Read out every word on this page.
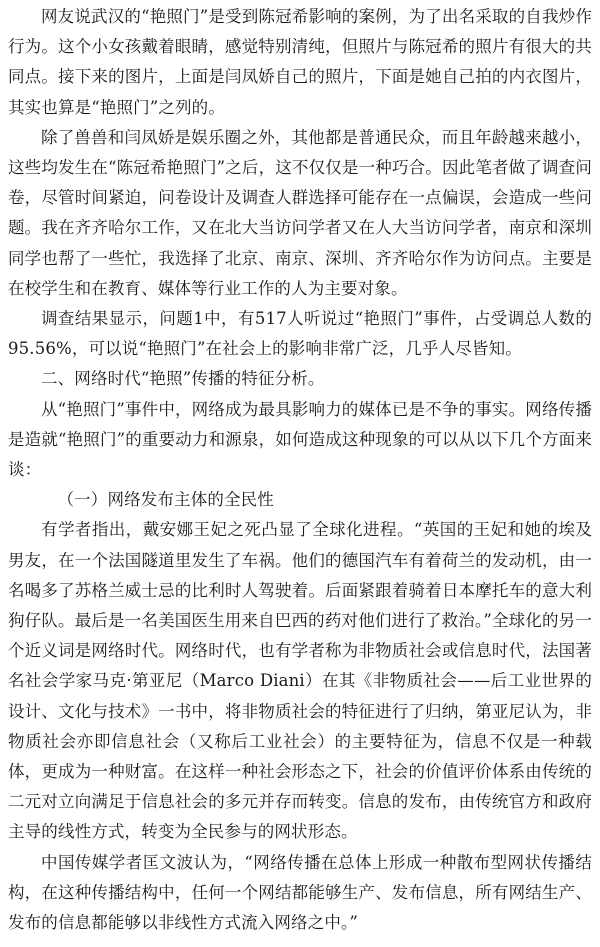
网友说武汉的“艳照门”是受到陈冠希影响的案例，为了出名采取的自我炒作行为。这个小女孩戴着眼睛，感觉特别清纯，但照片与陈冠希的照片有很大的共同点。接下来的图片，上面是闫凤娇自己的照片，下面是她自己拍的内衣图片，其实也算是“艳照门”之列的。

除了兽兽和闫凤娇是娱乐圈之外，其他都是普通民众，而且年龄越来越小，这些均发生在“陈冠希艳照门”之后，这不仅仅是一种巧合。因此笔者做了调查问卷，尽管时间紧迫，问卷设计及调查人群选择可能存在一点偏误，会造成一些问题。我在齐齐哈尔工作，又在北大当访问学者又在人大当访问学者，南京和深圳同学也帮了一些忙，我选择了北京、南京、深圳、齐齐哈尔作为访问点。主要是在校学生和在教育、媒体等行业工作的人为主要对象。

调查结果显示，问题1中，有517人听说过“艳照门”事件，占受调总人数的95.56%，可以说“艳照门”在社会上的影响非常广泛，几乎人尽皆知。

二、网络时代“艳照”传播的特征分析。

从“艳照门”事件中，网络成为最具影响力的媒体已是不争的事实。网络传播是造就“艳照门”的重要动力和源泉，如何造成这种现象的可以从以下几个方面来谈：

（一）网络发布主体的全民性

有学者指出，戴安娜王妃之死凸显了全球化进程。“英国的王妃和她的埃及男友，在一个法国隧道里发生了车祸。他们的德国汽车有着荷兰的发动机，由一名喝多了苏格兰威士忌的比利时人驾驶着。后面紧跟着骑着日本摩托车的意大利狗仔队。最后是一名美国医生用来自巴西的药对他们进行了救治。”全球化的另一个近义词是网络时代。网络时代，也有学者称为非物质社会或信息时代，法国著名社会学家马克·第亚尼（Marco Diani）在其《非物质社会——后工业世界的设计、文化与技术》一书中，将非物质社会的特征进行了归纳，第亚尼认为，非物质社会亦即信息社会（又称后工业社会）的主要特征为，信息不仅是一种载体，更成为一种财富。在这样一种社会形态之下，社会的价值评价体系由传统的二元对立向满足于信息社会的多元并存而转变。信息的发布，由传统官方和政府主导的线性方式，转变为全民参与的网状形态。

中国传媒学者匡文波认为，“网络传播在总体上形成一种散布型网状传播结构，在这种传播结构中，任何一个网结都能够生产、发布信息，所有网结生产、发布的信息都能够以非线性方式流入网络之中。”
